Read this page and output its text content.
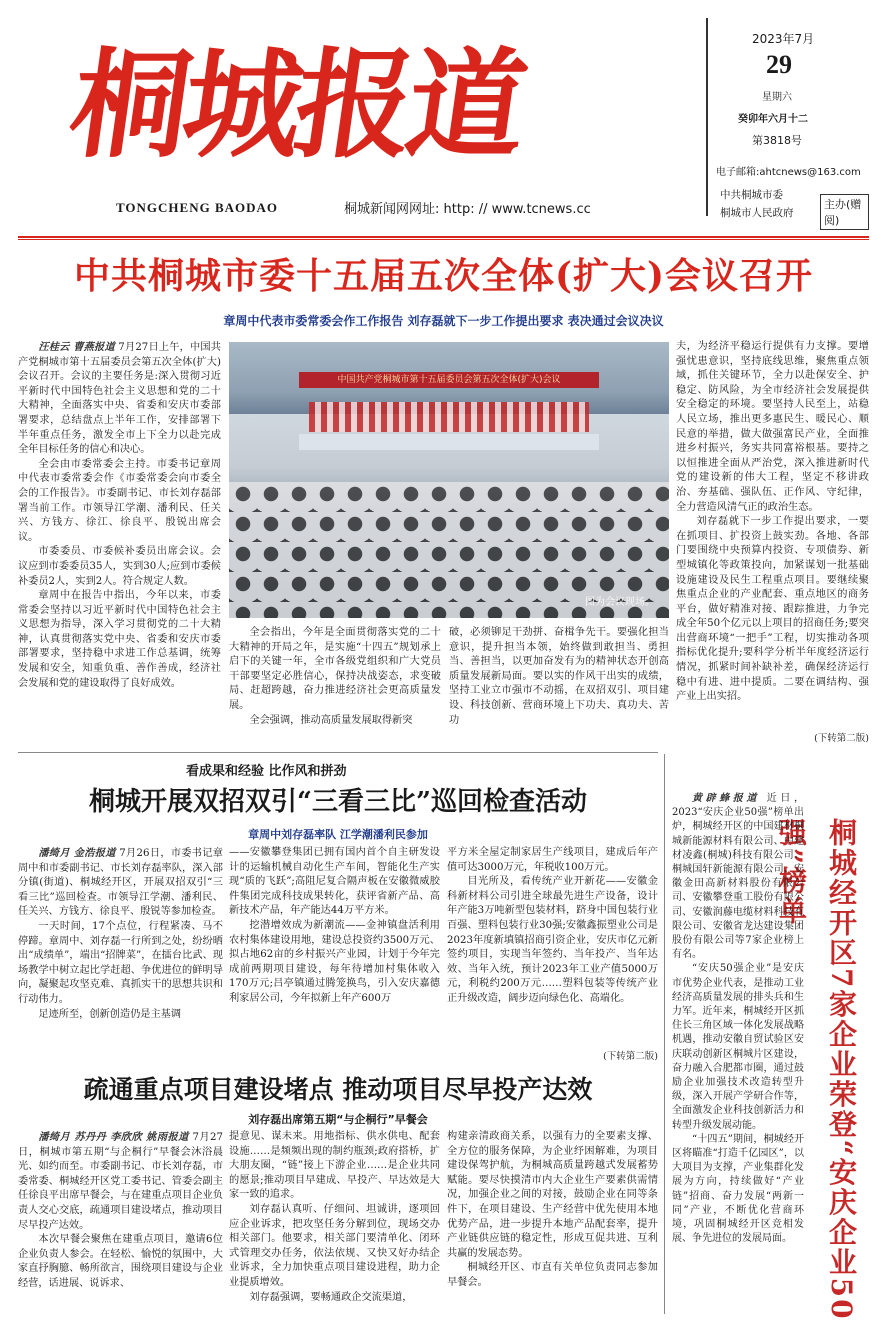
桐城报道
TONGCHENG BAODAO	桐城新闻网网址: http: // www.tcnews.cc
2023年7月
29
星期六
癸卯年六月十二
第3818号
电子邮箱:ahtcnews@163.com
中共桐城市委
桐城市人民政府
主办(赠阅)
中共桐城市委十五届五次全体(扩大)会议召开
章周中代表市委常委会作工作报告 刘存磊就下一步工作提出要求 表决通过会议决议

汪桂云 曹燕报道 7月27日上午，中国共产党桐城市第十五届委员会第五次全体(扩大)会议召开。会议的主要任务是:深入贯彻习近平新时代中国特色社会主义思想和党的二十大精神，全面落实中央、省委和安庆市委部署要求，总结盘点上半年工作，安排部署下半年重点任务，激发全市上下全力以赴完成全年目标任务的信心和决心。

全会由市委常委会主持。市委书记章周中代表市委常委会作《市委常委会向市委全会的工作报告》。市委副书记、市长刘存磊部署当前工作。市领导江学潮、潘利民、任关兴、方钱方、徐江、徐良平、殷锐出席会议。

市委委员、市委候补委员出席会议。会议应到市委委员35人，实到30人;应到市委候补委员2人，实到2人。符合规定人数。

章周中在报告中指出，今年以来，市委常委会坚持以习近平新时代中国特色社会主义思想为指导，深入学习贯彻党的二十大精神，认真贯彻落实党中央、省委和安庆市委部署要求，坚持稳中求进工作总基调，统筹发展和安全，知重负重、善作善成，经济社会发展和党的建设取得了良好成效。

中国共产党桐城市第十五届委员会第五次全体(扩大)会议
图为会议现场。

全会指出，今年是全面贯彻落实党的二十大精神的开局之年，是实施“十四五”规划承上启下的关键一年，全市各级党组织和广大党员干部要坚定必胜信心，保持决战姿态，求变破局、赶超跨越，奋力推进经济社会更高质量发展。

全会强调，推动高质量发展取得新突

破，必须铆足干劲拼、奋楫争先干。要强化担当意识，提升担当本领，始终做到敢担当、勇担当、善担当，以更加奋发有为的精神状态开创高质量发展新局面。要以实的作风干出实的成绩，坚持工业立市强市不动摇，在双招双引、项目建设、科技创新、营商环境上下功夫、真功夫、苦功

夫，为经济平稳运行提供有力支撑。要增强忧患意识，坚持底线思维，聚焦重点领域，抓住关键环节，全力以赴保安全、护稳定、防风险，为全市经济社会发展提供安全稳定的环境。要坚持人民至上，站稳人民立场，推出更多惠民生、暖民心、顺民意的举措，做大做强富民产业，全面推进乡村振兴，务实共同富裕根基。要持之以恒推进全面从严治党，深入推进新时代党的建设新的伟大工程，坚定不移讲政治、夯基础、强队伍、正作风、守纪律，全力营造风清气正的政治生态。

刘存磊就下一步工作提出要求，一要在抓项目、扩投资上鼓实劲。各地、各部门要围绕中央预算内投资、专项债券、新型城镇化等政策投向，加紧谋划一批基础设施建设及民生工程重点项目。要继续聚焦重点企业的产业配套、重点地区的商务平台，做好精准对接、跟踪推进，力争完成全年50个亿元以上项目的招商任务;要突出营商环境“一把手”工程，切实推动各项指标优化提升;要科学分析半年度经济运行情况，抓紧时间补缺补差，确保经济运行稳中有进、进中提质。二要在调结构、强产业上出实招。

(下转第二版)
看成果和经验 比作风和拼劲
桐城开展双招双引“三看三比”巡回检查活动
章周中刘存磊率队 江学潮潘利民参加

潘绮月 金浩报道 7月26日，市委书记章周中和市委副书记、市长刘存磊率队，深入部分镇(街道)、桐城经开区，开展双招双引“三看三比”巡回检查。市领导江学潮、潘利民、任关兴、方钱方、徐良平、殷锐等参加检查。

一天时间，17个点位，行程紧凑、马不停蹄。章周中、刘存磊一行所到之处，纷纷晒出“成绩单”，端出“招牌菜”，在擂台比武、现场教学中树立起比学赶超、争优进位的鲜明导向，凝聚起攻坚克难、真抓实干的思想共识和行动伟力。

足迹所至，创新创造仍是主基调

——安徽攀登集团已拥有国内首个自主研发设计的运输机械自动化生产车间，智能化生产实现“质的飞跃”;高阻尼复合隔声板在安徽微威胶件集团完成科技成果转化，获评省新产品、高新技术产品，年产能达44万平方米。

挖潜增效成为新潮流——金神镇盘活利用农村集体建设用地，建设总投资约3500万元、拟占地62亩的乡村振兴产业园，计划于今年完成前两期项目建设，每年待增加村集体收入170万元;吕亭镇通过腾笼换鸟，引入安庆嘉德利家居公司，今年拟新上年产600万

平方米全屋定制家居生产线项目，建成后年产值可达3000万元，年税收100万元。

目光所及，看传统产业开新花——安徽金科新材料公司引进全球最先进生产设备，设计年产能3万吨新型包装材料，跻身中国包装行业百强、塑料包装行业30强;安徽鑫振塑业公司是2023年度新填镇招商引资企业，安庆市亿元新签约项目，实现当年签约、当年投产、当年达效、当年入统，预计2023年工业产值5000万元，利税约200万元……塑料包装等传统产业正升级改造，阔步迈向绿色化、高端化。

(下转第二版)
疏通重点项目建设堵点 推动项目尽早投产达效
刘存磊出席第五期“与企桐行”早餐会

潘绮月 苏丹丹 李欣欣 姚雨报道 7月27日，桐城市第五期“与企桐行”早餐会沐浴晨光、如约而至。市委副书记、市长刘存磊，市委常委、桐城经开区党工委书记、管委会副主任徐良平出席早餐会，与在建重点项目企业负责人交心交底，疏通项目建设堵点，推动项目尽早投产达效。

本次早餐会聚焦在建重点项目，邀请6位企业负责人参会。在轻松、愉悦的氛围中，大家直抒胸臆、畅所欲言，围绕项目建设与企业经营，话进展、说诉求、

提意见、谋未来。用地指标、供水供电、配套设施……是频频出现的制约瓶颈;政府搭桥，扩大朋友圈，“链”接上下游企业……是企业共同的愿景;推动项目早建成、早投产、早达效是大家一致的追求。

刘存磊认真听、仔细问、坦诚讲，逐项回应企业诉求，把攻坚任务分解到位，现场交办相关部门。他要求，相关部门要清单化、闭环式管理交办任务，依法依规、又快又好办结企业诉求，全力加快重点项目建设进程，助力企业提质增效。

刘存磊强调，要畅通政企交流渠道，

构建亲清政商关系，以强有力的全要素支撑、全方位的服务保障，为企业纾困解难，为项目建设保驾护航，为桐城高质量跨越式发展蓄势赋能。要尽快摸清市内大企业生产要素供需情况，加强企业之间的对接，鼓励企业在同等条件下，在项目建设、生产经营中优先使用本地优势产品，进一步提升本地产品配套率，提升产业链供应链的稳定性，形成互促共进、互利共赢的发展态势。

桐城经开区、市直有关单位负责同志参加早餐会。	桐城经开区7家企业荣登“安庆企业50强”榜单

黄辟蜂报道 近日，2023“安庆企业50强”榜单出炉，桐城经开区的中国建材桐城新能源材料有限公司、中建材凌鑫(桐城)科技有限公司、桐城国轩新能源有限公司、安徽金田高新材料股份有限公司、安徽攀登重工股份有限公司、安徽润藤电缆材料科技有限公司、安徽省龙达建设集团股份有限公司等7家企业榜上有名。

“安庆50强企业”是安庆市优势企业代表，是推动工业经济高质量发展的排头兵和生力军。近年来，桐城经开区抓住长三角区域一体化发展战略机遇，推动安徽自贸试验区安庆联动创新区桐城片区建设，奋力融入合肥都市圈，通过鼓励企业加强技术改造转型升级，深入开展产学研合作等，全面激发企业科技创新活力和转型升级发展动能。

“十四五”期间，桐城经开区将瞄准“打造千亿园区”，以大项目为支撑，产业集群化发展为方向，持续做好“产业链”招商、奋力发展“两新一同”产业，不断优化营商环境，巩固桐城经开区竞相发展、争先进位的发展局面。
